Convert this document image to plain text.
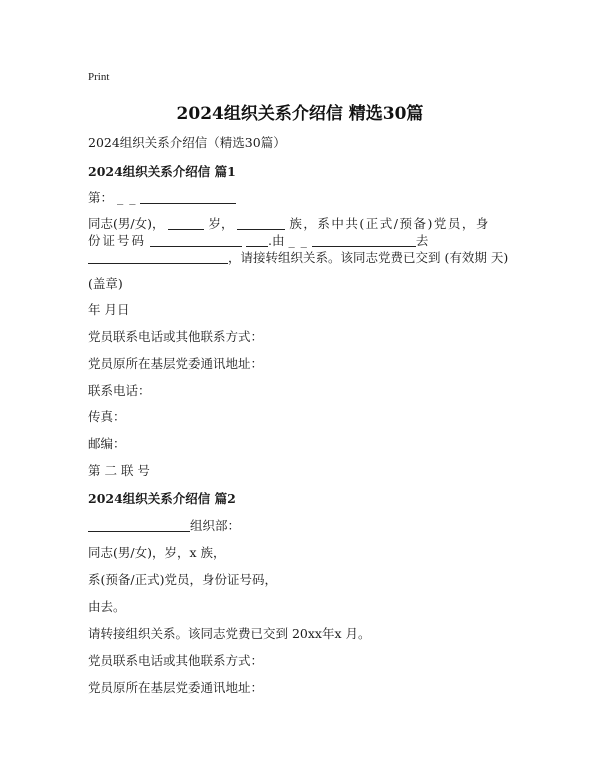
Print
2024组织关系介绍信 精选30篇
2024组织关系介绍信（精选30篇）
2024组织关系介绍信 篇1
第： _ _
同志(男/女)，	岁，	族，系中共(正式/预备)党员，身
份证号码	.由 _ _	去
，请接转组织关系。该同志党费已交到 (有效期 天)
(盖章)
年 月日
党员联系电话或其他联系方式：
党员原所在基层党委通讯地址：
联系电话：
传真：
邮编：
第 二 联 号
2024组织关系介绍信 篇2
组织部：
同志(男/女)，岁，x 族，
系(预备/正式)党员，身份证号码，
由去。
请转接组织关系。该同志党费已交到 20xx年x 月。
党员联系电话或其他联系方式：
党员原所在基层党委通讯地址：
